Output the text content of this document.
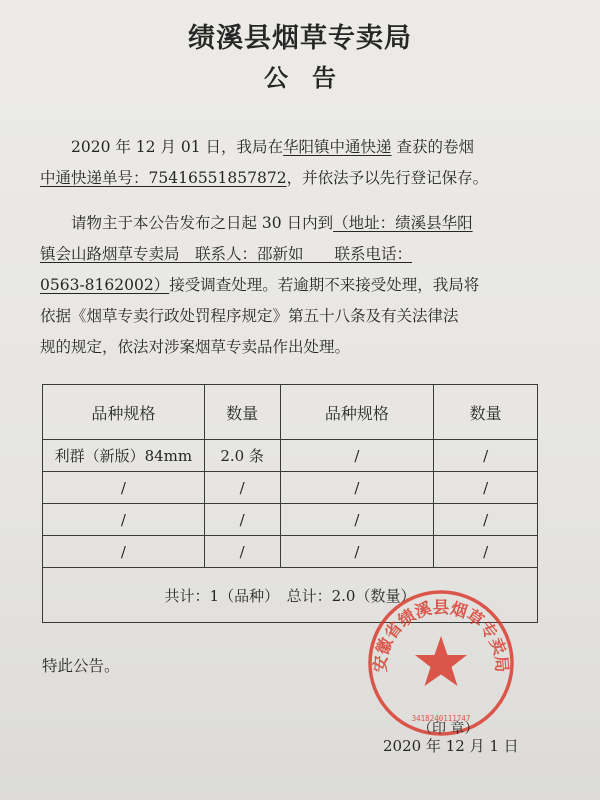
绩溪县烟草专卖局
公告
2020 年 12 月 01 日，我局在华阳镇中通快递 查获的卷烟
中通快递单号：75416551857872，并依法予以先行登记保存。
请物主于本公告发布之日起 30 日内到（地址：绩溪县华阳
镇会山路烟草专卖局　联系人：邵新如　　联系电话：
0563-8162002）接受调查处理。若逾期不来接受处理，我局将
依据《烟草专卖行政处罚程序规定》第五十八条及有关法律法
规的规定，依法对涉案烟草专卖品作出处理。
品种规格	数量	品种规格	数量
利群（新版）84mm	2.0 条	/	/
/	/	/	/
/	/	/	/
/	/	/	/
共计：1（品种）　总计：2.0（数量）			
特此公告。	安徽省绩溪县烟草专卖局
3418240111747
（印 章）
2020 年 12 月 1 日
